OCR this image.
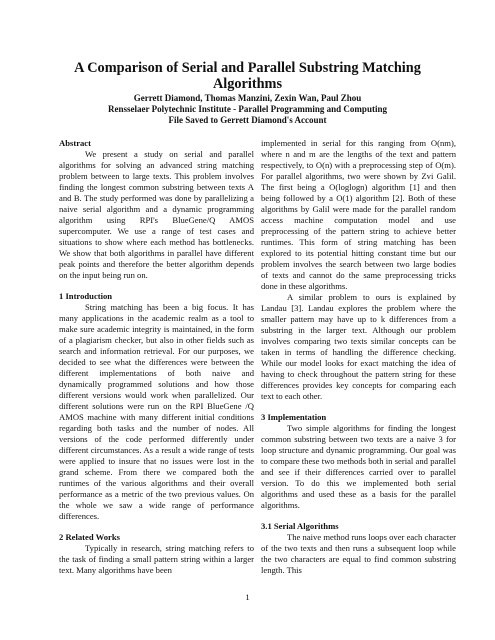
A Comparison of Serial and Parallel Substring Matching Algorithms
Gerrett Diamond, Thomas Manzini, Zexin Wan, Paul Zhou
Rensselaer Polytechnic Institute - Parallel Programming and Computing
File Saved to Gerrett Diamond's Account
Abstract

We present a study on serial and parallel algorithms for solving an advanced string matching problem between to large texts. This problem involves finding the longest common substring between texts A and B. The study performed was done by parallelizing a naive serial algorithm and a dynamic programming algorithm using RPI's BlueGene/Q AMOS supercomputer. We use a range of test cases and situations to show where each method has bottlenecks. We show that both algorithms in parallel have different peak points and therefore the better algorithm depends on the input being run on.

1 Introduction

String matching has been a big focus. It has many applications in the academic realm as a tool to make sure academic integrity is maintained, in the form of a plagiarism checker, but also in other fields such as search and information retrieval. For our purposes, we decided to see what the differences were between the different implementations of both naive and dynamically programmed solutions and how those different versions would work when parallelized. Our different solutions were run on the RPI BlueGene /Q AMOS machine with many different initial conditions regarding both tasks and the number of nodes. All versions of the code performed differently under different circumstances. As a result a wide range of tests were applied to insure that no issues were lost in the grand scheme. From there we compared both the runtimes of the various algorithms and their overall performance as a metric of the two previous values. On the whole we saw a wide range of performance differences.

2 Related Works

Typically in research, string matching refers to the task of finding a small pattern string within a larger text. Many algorithms have been

implemented in serial for this ranging from O(nm), where n and m are the lengths of the text and pattern respectively, to O(n) with a preprocessing step of O(m). For parallel algorithms, two were shown by Zvi Galil. The first being a O(loglogn) algorithm [1] and then being followed by a O(1) algorithm [2]. Both of these algorithms by Galil were made for the parallel random access machine computation model and use preprocessing of the pattern string to achieve better runtimes. This form of string matching has been explored to its potential hitting constant time but our problem involves the search between two large bodies of texts and cannot do the same preprocessing tricks done in these algorithms.

A similar problem to ours is explained by Landau [3]. Landau explores the problem where the smaller pattern may have up to k differences from a substring in the larger text. Although our problem involves comparing two texts similar concepts can be taken in terms of handling the difference checking. While our model looks for exact matching the idea of having to check throughout the pattern string for these differences provides key concepts for comparing each text to each other.

3 Implementation

Two simple algorithms for finding the longest common substring between two texts are a naive 3 for loop structure and dynamic programming. Our goal was to compare these two methods both in serial and parallel and see if their differences carried over to parallel version. To do this we implemented both serial algorithms and used these as a basis for the parallel algorithms.

3.1 Serial Algorithms

The naive method runs loops over each character of the two texts and then runs a subsequent loop while the two characters are equal to find common substring length. This

1
